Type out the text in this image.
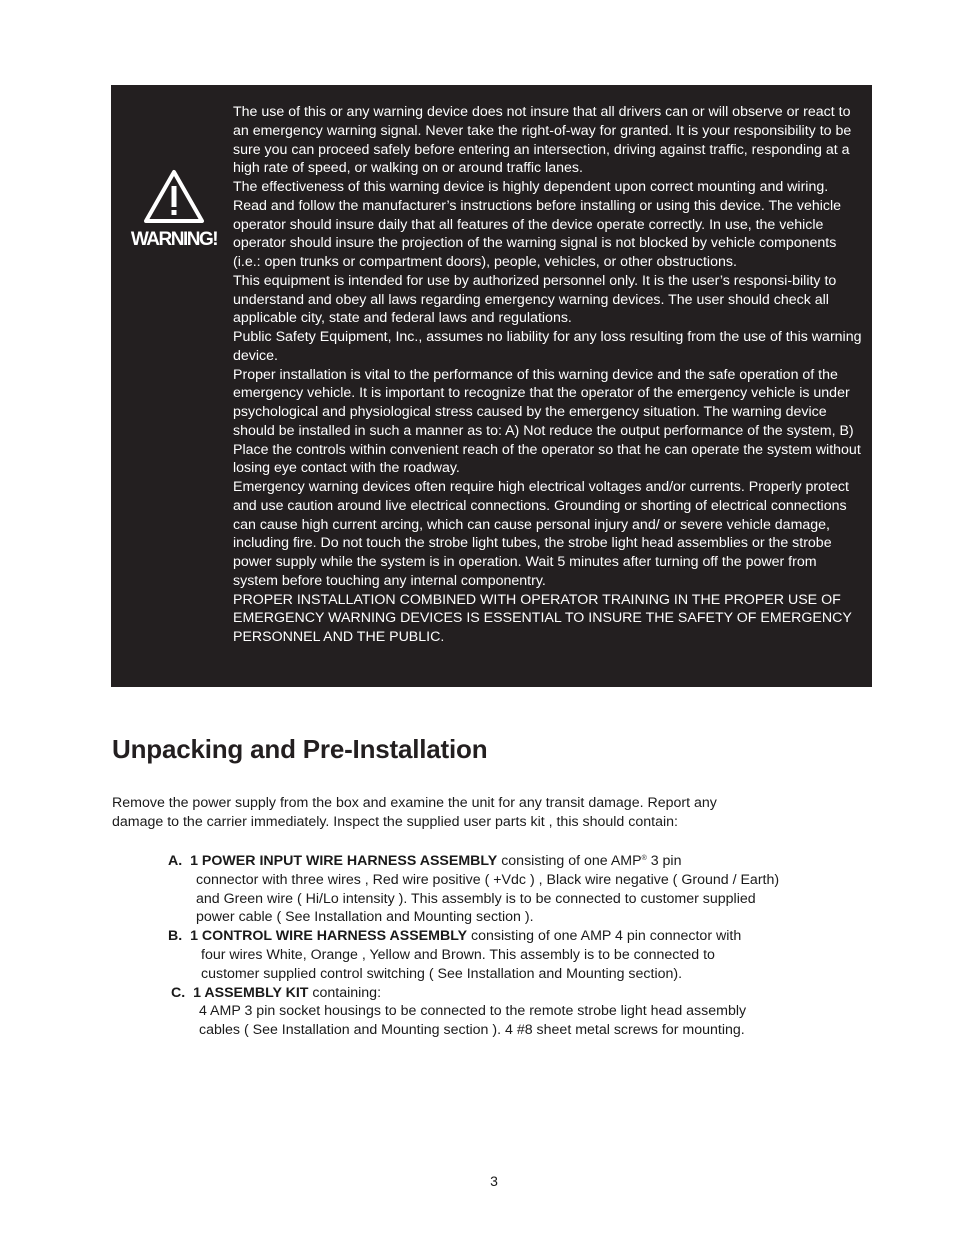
WARNING!

The use of this or any warning device does not insure that all drivers can or will observe or react to an emergency warning signal. Never take the right-of-way for granted. It is your responsibility to be sure you can proceed safely before entering an intersection, driving against traffic, responding at a high rate of speed, or walking on or around traffic lanes.

The effectiveness of this warning device is highly dependent upon correct mounting and wiring. Read and follow the manufacturer’s instructions before installing or using this device. The vehicle operator should insure daily that all features of the device operate correctly. In use, the vehicle operator should insure the projection of the warning signal is not blocked by vehicle components (i.e.: open trunks or compartment doors), people, vehicles, or other obstructions.

This equipment is intended for use by authorized personnel only. It is the user’s responsi-bility to understand and obey all laws regarding emergency warning devices. The user should check all applicable city, state and federal laws and regulations.

Public Safety Equipment, Inc., assumes no liability for any loss resulting from the use of this warning device.

Proper installation is vital to the performance of this warning device and the safe operation of the emergency vehicle. It is important to recognize that the operator of the emergency vehicle is under psychological and physiological stress caused by the emergency situation. The warning device should be installed in such a manner as to: A) Not reduce the output performance of the system, B) Place the controls within convenient reach of the operator so that he can operate the system without losing eye contact with the roadway.

Emergency warning devices often require high electrical voltages and/or currents. Properly protect and use caution around live electrical connections. Grounding or shorting of electrical connections can cause high current arcing, which can cause personal injury and/ or severe vehicle damage, including fire. Do not touch the strobe light tubes, the strobe light head assemblies or the strobe power supply while the system is in operation. Wait 5 minutes after turning off the power from system before touching any internal componentry.

PROPER INSTALLATION COMBINED WITH OPERATOR TRAINING IN THE PROPER USE OF EMERGENCY WARNING DEVICES IS ESSENTIAL TO INSURE THE SAFETY OF EMERGENCY PERSONNEL AND THE PUBLIC.

Unpacking and Pre-Installation

Remove the power supply from the box and examine the unit for any transit damage. Report any
damage to the carrier immediately. Inspect the supplied user parts kit , this should contain:

A. 1 POWER INPUT WIRE HARNESS ASSEMBLY consisting of one AMP® 3 pin
connector with three wires , Red wire positive ( +Vdc ) , Black wire negative ( Ground / Earth)
and Green wire ( Hi/Lo intensity ). This assembly is to be connected to customer supplied
power cable ( See Installation and Mounting section ).
B. 1 CONTROL WIRE HARNESS ASSEMBLY consisting of one AMP 4 pin connector with
four wires White, Orange , Yellow and Brown. This assembly is to be connected to
customer supplied control switching ( See Installation and Mounting section).
C. 1 ASSEMBLY KIT containing:
4 AMP 3 pin socket housings to be connected to the remote strobe light head assembly
cables ( See Installation and Mounting section ). 4 #8 sheet metal screws for mounting.
3
